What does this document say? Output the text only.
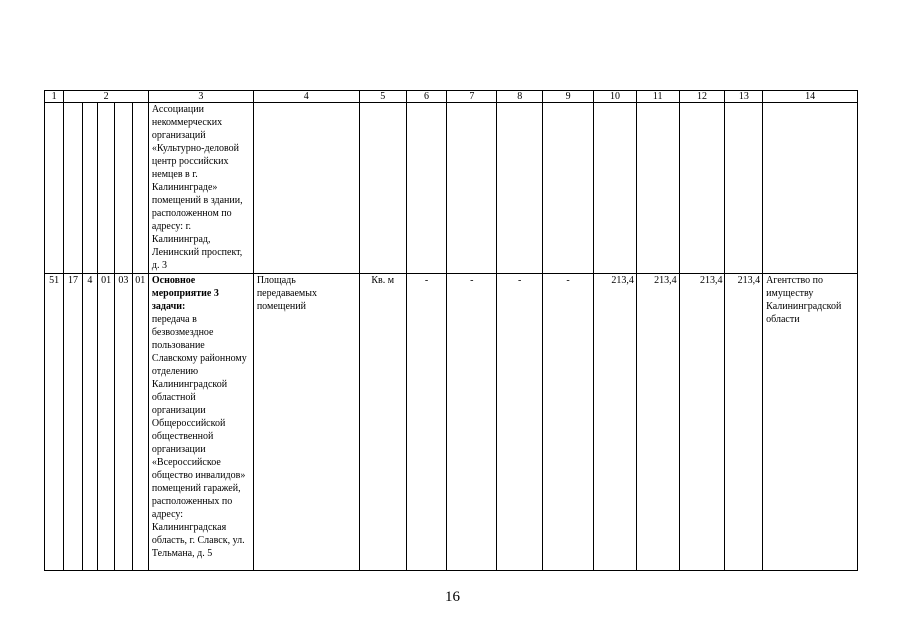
1	2					3	4	5	6	7	8	9	10	11	12	13	14
						Ассоциации некоммерческих организаций «Культурно-деловой центр российских немцев в г. Калининграде» помещений в здании, расположенном по адресу: г. Калининград, Ленинский проспект, д. 3											
51	17	4	01	03	01	Основное мероприятие 3 задачи:
передача в безвозмездное пользование Славскому районному отделению Калининградской областной организации Общероссийской общественной организации «Всероссийское общество инвалидов» помещений гаражей, расположенных по адресу: Калининградская область, г. Славск, ул. Тельмана, д. 5	Площадь передаваемых помещений	Кв. м	-	-	-	-	213,4	213,4	213,4	213,4	Агентство по имуществу Калининградской области
16
